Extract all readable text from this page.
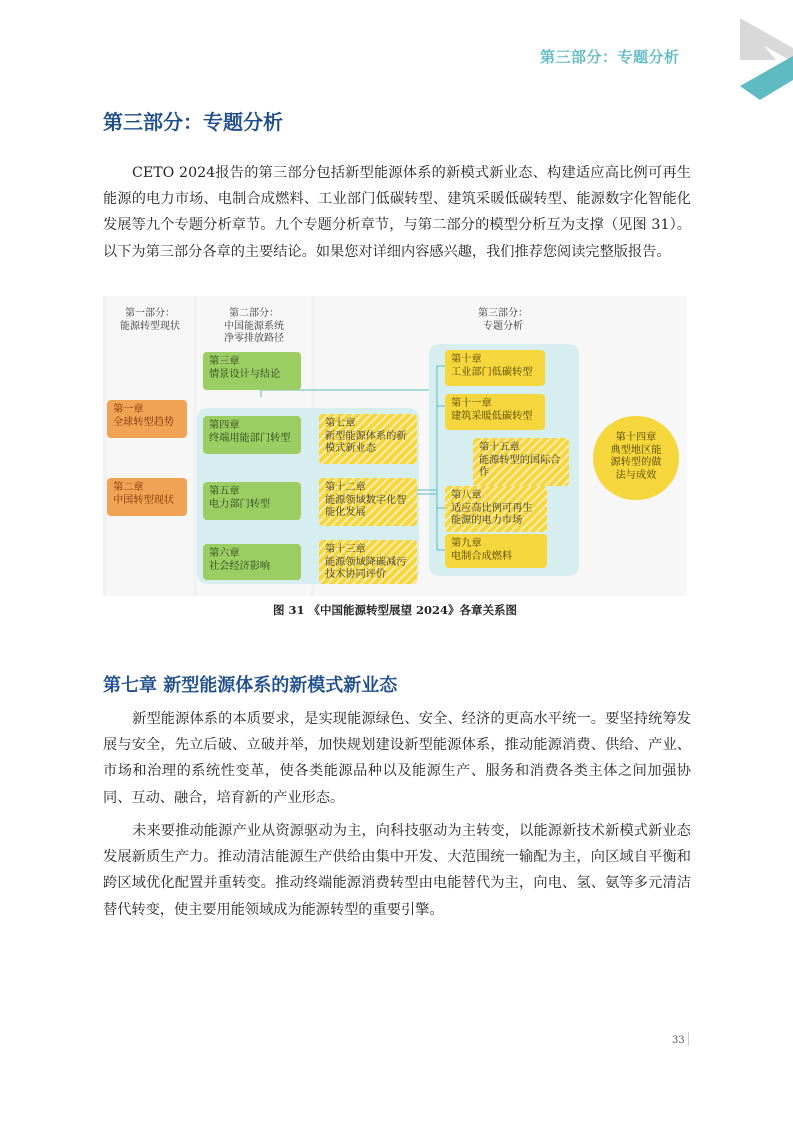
第三部分：专题分析
第三部分：专题分析
CETO 2024报告的第三部分包括新型能源体系的新模式新业态、构建适应高比例可再生能源的电力市场、电制合成燃料、工业部门低碳转型、建筑采暖低碳转型、能源数字化智能化发展等九个专题分析章节。九个专题分析章节，与第二部分的模型分析互为支撑（见图 31）。以下为第三部分各章的主要结论。如果您对详细内容感兴趣，我们推荐您阅读完整版报告。
第一部分：
能源转型现状
第二部分：
中国能源系统
净零排放路径
第三部分：
专题分析
第一章
全球转型趋势
第二章
中国转型现状
第三章
情景设计与结论
第四章
终端用能部门转型
第五章
电力部门转型
第六章
社会经济影响
第七章
新型能源体系的新
模式新业态
第十二章
能源领域数字化智
能化发展
第十三章
能源领域降碳减污
技术协同评价
第十章
工业部门低碳转型
第十一章
建筑采暖低碳转型
第十五章
能源转型的国际合
作
第八章
适应高比例可再生
能源的电力市场
第九章
电制合成燃料
第十四章
典型地区能
源转型的做
法与成效
图 31 《中国能源转型展望 2024》各章关系图
第七章 新型能源体系的新模式新业态
新型能源体系的本质要求，是实现能源绿色、安全、经济的更高水平统一。要坚持统筹发展与安全，先立后破、立破并举，加快规划建设新型能源体系，推动能源消费、供给、产业、市场和治理的系统性变革，使各类能源品种以及能源生产、服务和消费各类主体之间加强协同、互动、融合，培育新的产业形态。
未来要推动能源产业从资源驱动为主，向科技驱动为主转变，以能源新技术新模式新业态发展新质生产力。推动清洁能源生产供给由集中开发、大范围统一输配为主，向区域自平衡和跨区域优化配置并重转变。推动终端能源消费转型由电能替代为主，向电、氢、氨等多元清洁替代转变，使主要用能领域成为能源转型的重要引擎。
33
